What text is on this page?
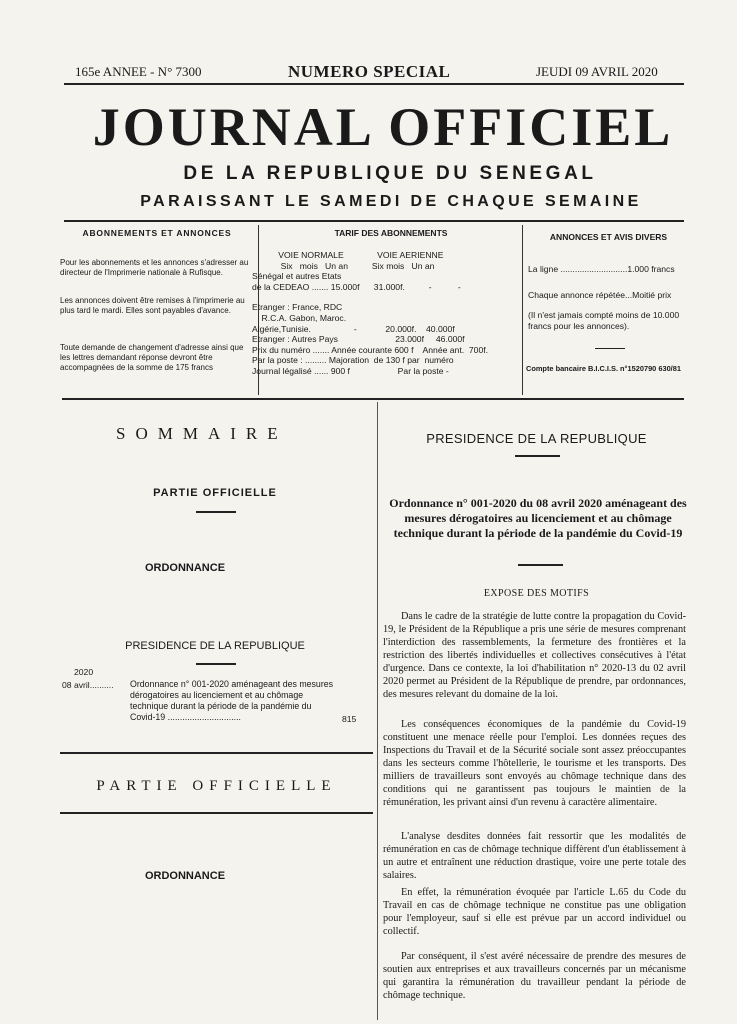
165e ANNEE - N° 7300	NUMERO SPECIAL	JEUDI 09 AVRIL 2020
JOURNAL OFFICIEL
DE LA REPUBLIQUE DU SENEGAL
PARAISSANT LE SAMEDI DE CHAQUE SEMAINE
ABONNEMENTS ET ANNONCES
Pour les abonnements et les annonces s'adresser au directeur de l'Imprimerie nationale à Rufisque.
Les annonces doivent être remises à l'imprimerie au plus tard le mardi. Elles sont payables d'avance.
Toute demande de changement d'adresse ainsi que les lettres demandant réponse devront être accompagnées de la somme de 175 francs
TARIF DES ABONNEMENTS
VOIE NORMALE              VOIE AERIENNE
Six   mois   Un an          Six mois   Un an
Sénégal et autres Etats
de la CEDEAO ....... 15.000f      31.000f.          -           -
Etranger : France, RDC
R.C.A. Gabon, Maroc.
Algérie,Tunisie.                  -            20.000f.    40.000f
Etranger : Autres Pays                        23.000f     46.000f
Prix du numéro ....... Année courante 600 f    Année ant.  700f.
Par la poste : ......... Majoration  de 130 f par  numéro
Journal légalisé ...... 900 f                    Par la poste -
ANNONCES ET AVIS DIVERS
La ligne ............................1.000 francs
Chaque annonce répétée...Moitié prix
(Il n'est jamais compté moins de 10.000 francs pour les annonces).
Compte bancaire B.I.C.I.S. n°1520790 630/81
SOMMAIRE
PARTIE OFFICIELLE
ORDONNANCE
PRESIDENCE DE LA REPUBLIQUE
2020
08 avril.......... Ordonnance n° 001-2020 aménageant des mesures dérogatoires au licenciement et au chômage technique durant la période de la pandémie du Covid-19 ..............................	815
PARTIE OFFICIELLE
ORDONNANCE
PRESIDENCE DE LA REPUBLIQUE
Ordonnance n° 001-2020 du 08 avril 2020 aménageant des mesures dérogatoires au licenciement et au chômage technique durant la période de la pandémie du Covid-19
EXPOSE DES MOTIFS
Dans le cadre de la stratégie de lutte contre la propagation du Covid-19, le Président de la République a pris une série de mesures comprenant l'interdiction des rassemblements, la fermeture des frontières et la restriction des libertés individuelles et collectives consécutives à l'état d'urgence. Dans ce contexte, la loi d'habilitation n° 2020-13 du 02 avril 2020 permet au Président de la République de prendre, par ordonnances, des mesures relevant du domaine de la loi.
Les conséquences économiques de la pandémie du Covid-19 constituent une menace réelle pour l'emploi. Les données reçues des Inspections du Travail et de la Sécurité sociale sont assez préoccupantes dans les secteurs comme l'hôtellerie, le tourisme et les transports. Des milliers de travailleurs sont envoyés au chômage technique dans des conditions qui ne garantissent pas toujours le maintien de la rémunération, les privant ainsi d'un revenu à caractère alimentaire.
L'analyse desdites données fait ressortir que les modalités de rémunération en cas de chômage technique diffèrent d'un établissement à un autre et entraînent une réduction drastique, voire une perte totale des salaires.
En effet, la rémunération évoquée par l'article L.65 du Code du Travail en cas de chômage technique ne constitue pas une obligation pour l'employeur, sauf si elle est prévue par un accord individuel ou collectif.
Par conséquent, il s'est avéré nécessaire de prendre des mesures de soutien aux entreprises et aux travailleurs concernés par un mécanisme qui garantira la rémunération du travailleur pendant la période de chômage technique.
